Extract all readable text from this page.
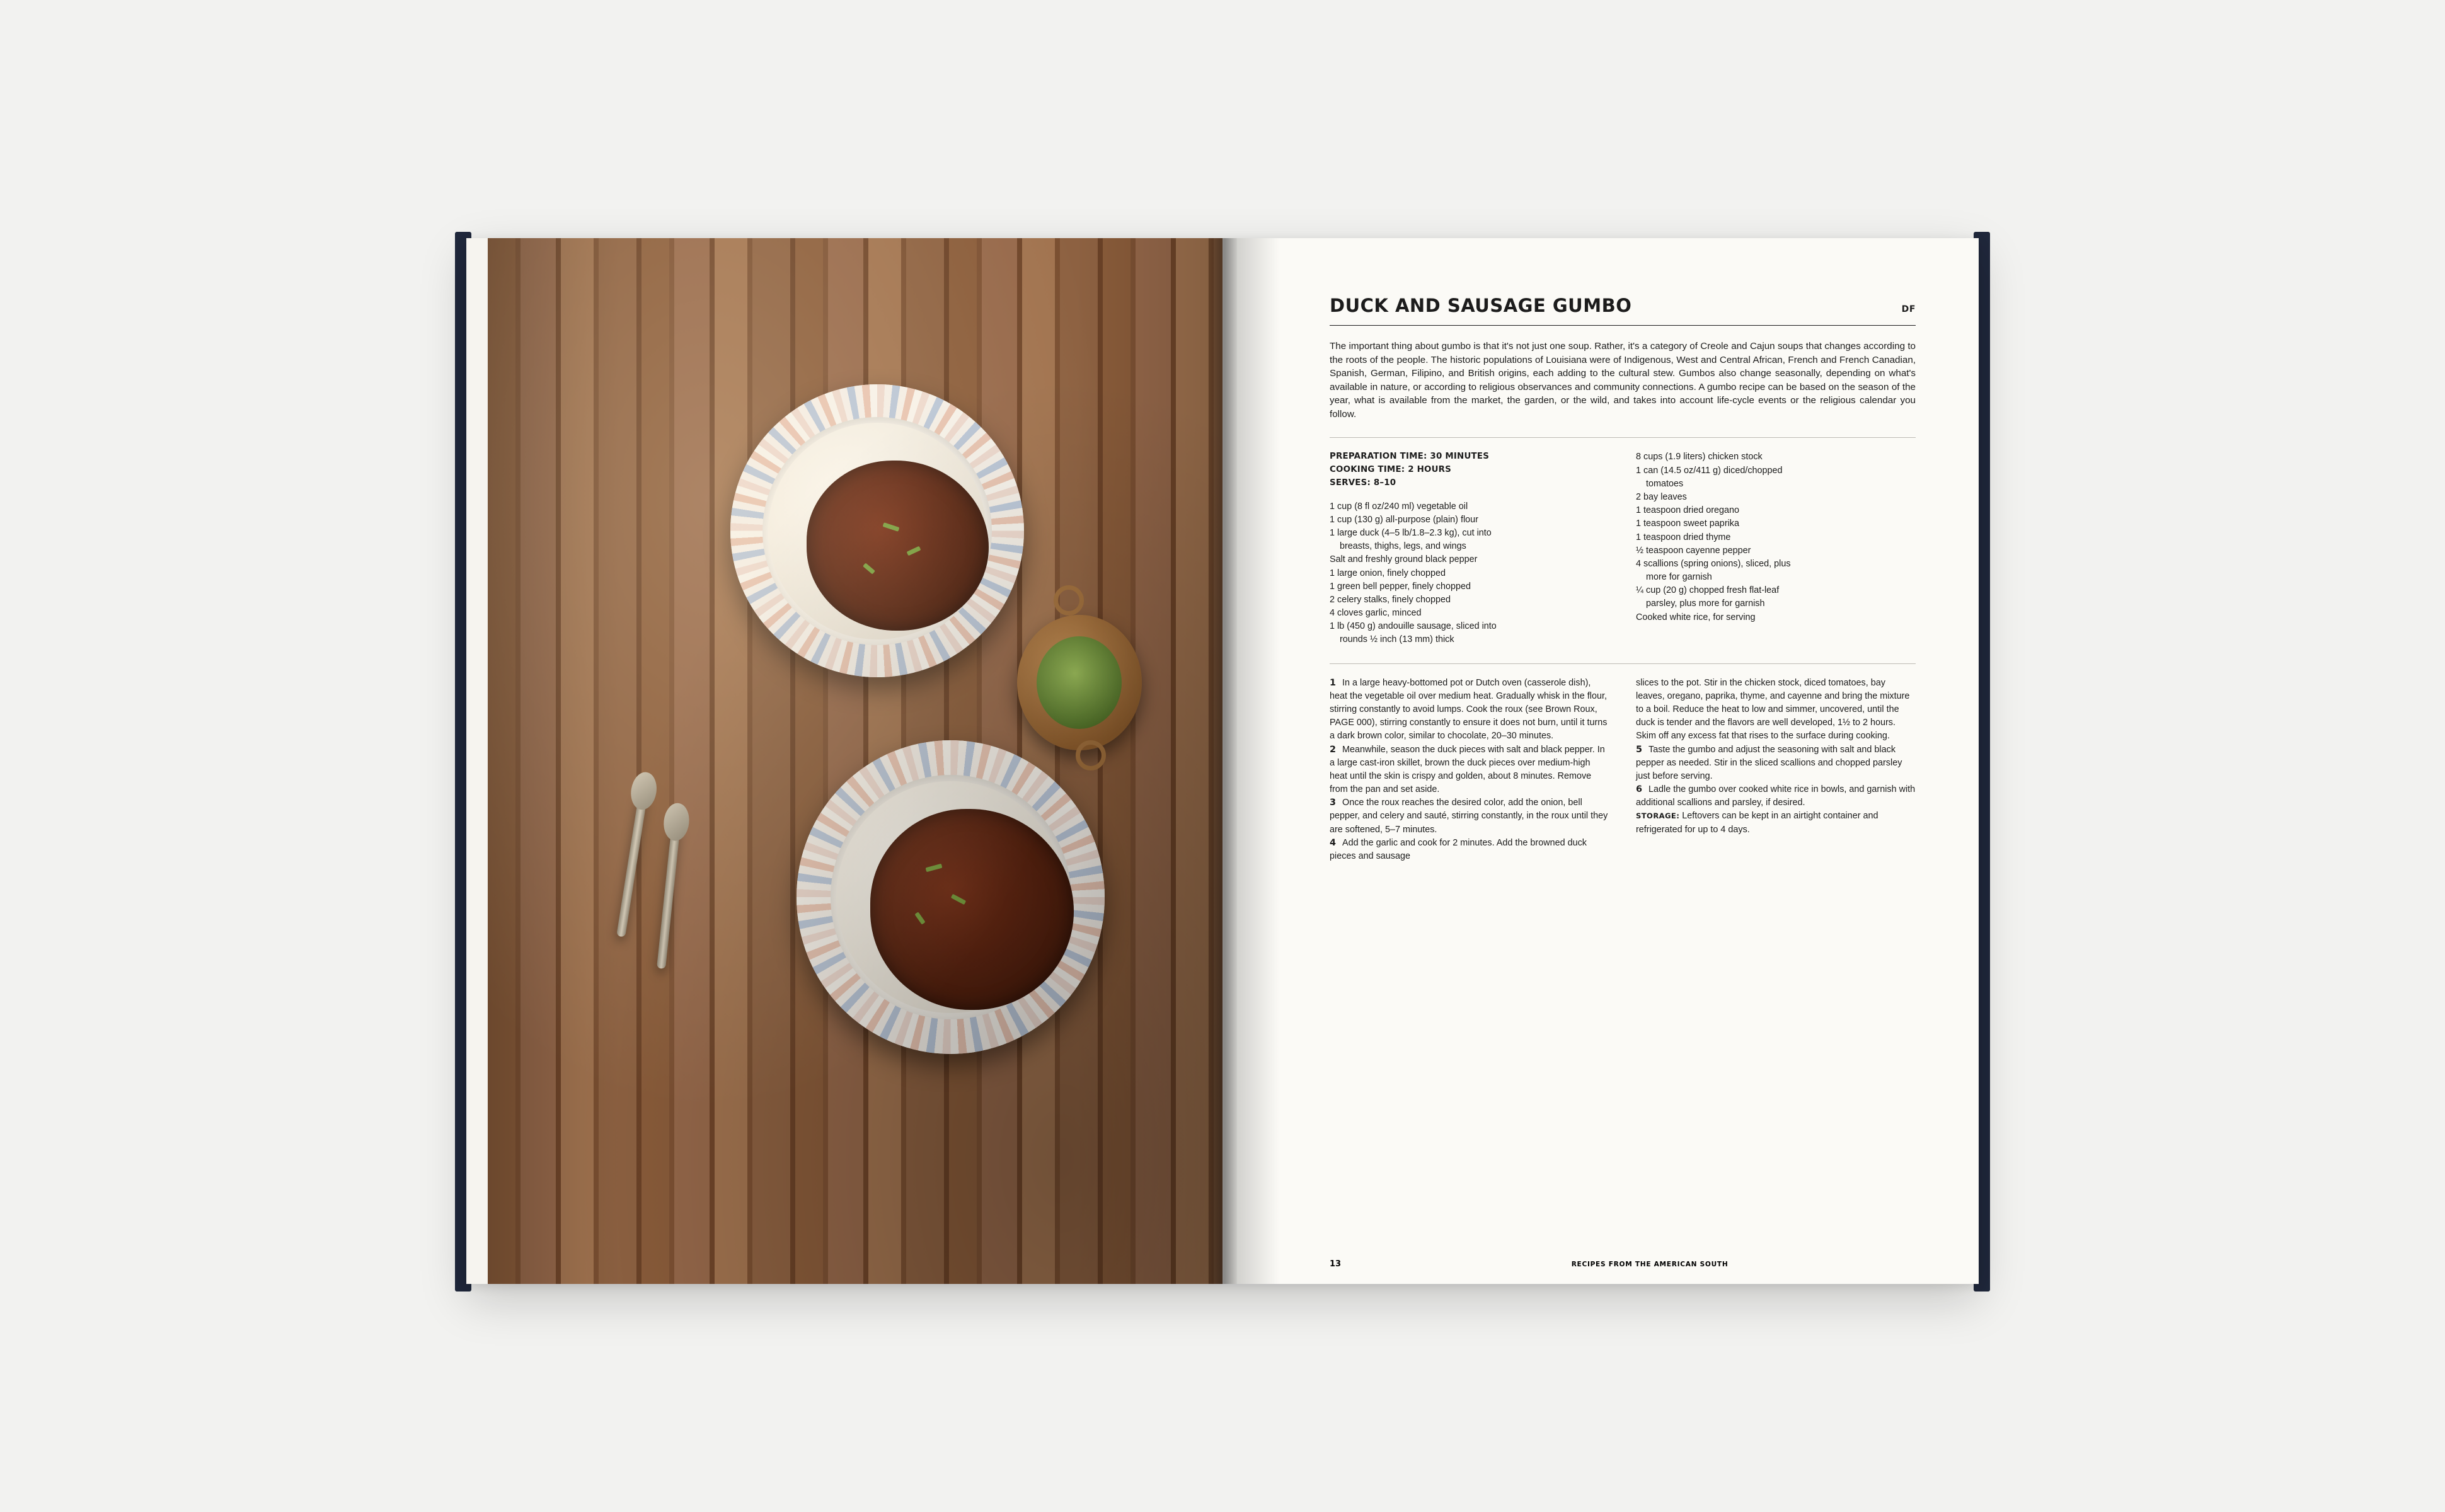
DUCK AND SAUSAGE GUMBO	DF

The important thing about gumbo is that it's not just one soup. Rather, it's a category of Creole and Cajun soups that changes according to the roots of the people. The historic populations of Louisiana were of Indigenous, West and Central African, French and French Canadian, Spanish, German, Filipino, and British origins, each adding to the cultural stew. Gumbos also change seasonally, depending on what's available in nature, or according to religious observances and community connections. A gumbo recipe can be based on the season of the year, what is available from the market, the garden, or the wild, and takes into account life-cycle events or the religious calendar you follow.

PREPARATION TIME: 30 MINUTES
COOKING TIME: 2 HOURS
SERVES: 8–10
1 cup (8 fl oz/240 ml) vegetable oil
1 cup (130 g) all-purpose (plain) flour
1 large duck (4–5 lb/1.8–2.3 kg), cut into
breasts, thighs, legs, and wings
Salt and freshly ground black pepper
1 large onion, finely chopped
1 green bell pepper, finely chopped
2 celery stalks, finely chopped
4 cloves garlic, minced
1 lb (450 g) andouille sausage, sliced into
rounds ½ inch (13 mm) thick
8 cups (1.9 liters) chicken stock
1 can (14.5 oz/411 g) diced/chopped
tomatoes
2 bay leaves
1 teaspoon dried oregano
1 teaspoon sweet paprika
1 teaspoon dried thyme
½ teaspoon cayenne pepper
4 scallions (spring onions), sliced, plus
more for garnish
¼ cup (20 g) chopped fresh flat-leaf
parsley, plus more for garnish
Cooked white rice, for serving

1 In a large heavy-bottomed pot or Dutch oven (casserole dish), heat the vegetable oil over medium heat. Gradually whisk in the flour, stirring constantly to avoid lumps. Cook the roux (see Brown Roux, PAGE 000), stirring constantly to ensure it does not burn, until it turns a dark brown color, similar to chocolate, 20–30 minutes.

2 Meanwhile, season the duck pieces with salt and black pepper. In a large cast-iron skillet, brown the duck pieces over medium-high heat until the skin is crispy and golden, about 8 minutes. Remove from the pan and set aside.

3 Once the roux reaches the desired color, add the onion, bell pepper, and celery and sauté, stirring constantly, in the roux until they are softened, 5–7 minutes.

4 Add the garlic and cook for 2 minutes. Add the browned duck pieces and sausage

slices to the pot. Stir in the chicken stock, diced tomatoes, bay leaves, oregano, paprika, thyme, and cayenne and bring the mixture to a boil. Reduce the heat to low and simmer, uncovered, until the duck is tender and the flavors are well developed, 1½ to 2 hours. Skim off any excess fat that rises to the surface during cooking.

5 Taste the gumbo and adjust the seasoning with salt and black pepper as needed. Stir in the sliced scallions and chopped parsley just before serving.

6 Ladle the gumbo over cooked white rice in bowls, and garnish with additional scallions and parsley, if desired.

STORAGE: Leftovers can be kept in an airtight container and refrigerated for up to 4 days.

13	RECIPES FROM THE AMERICAN SOUTH
